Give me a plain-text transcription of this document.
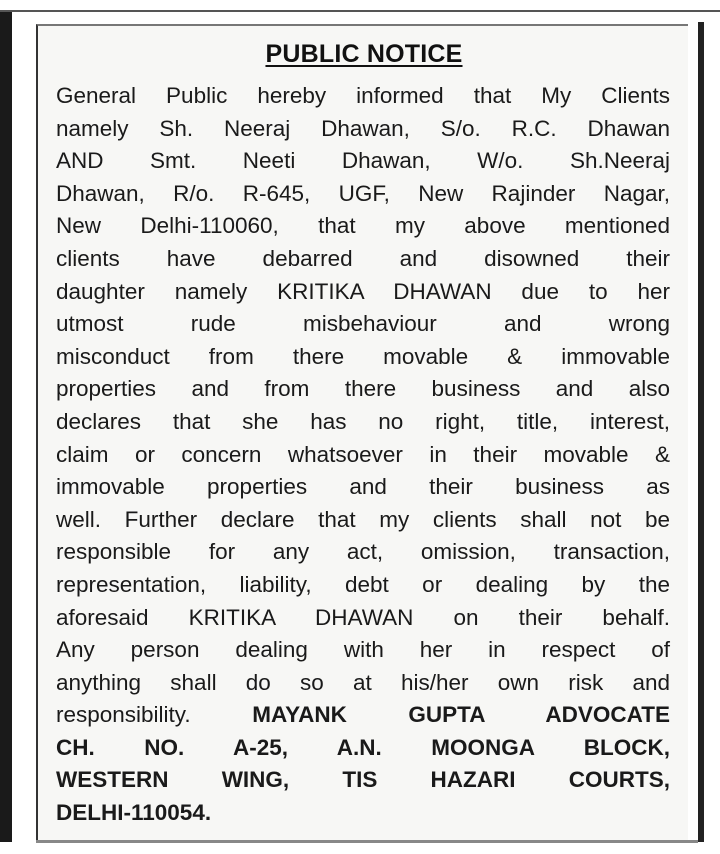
PUBLIC NOTICE
General Public hereby informed that My Clients
namely Sh. Neeraj Dhawan, S/o. R.C. Dhawan
AND Smt. Neeti Dhawan, W/o. Sh.Neeraj
Dhawan, R/o. R-645, UGF, New Rajinder Nagar,
New Delhi-110060, that my above mentioned
clients have debarred and disowned their
daughter namely KRITIKA DHAWAN due to her
utmost rude misbehaviour and wrong
misconduct from there movable & immovable
properties and from there business and also
declares that she has no right, title, interest,
claim or concern whatsoever in their movable &
immovable properties and their business as
well. Further declare that my clients shall not be
responsible for any act, omission, transaction,
representation, liability, debt or dealing by the
aforesaid KRITIKA DHAWAN on their behalf.
Any person dealing with her in respect of
anything shall do so at his/her own risk and
responsibility.	MAYANK GUPTA ADVOCATE
CH. NO. A-25, A.N. MOONGA BLOCK,
WESTERN WING, TIS HAZARI COURTS,
DELHI-110054.
